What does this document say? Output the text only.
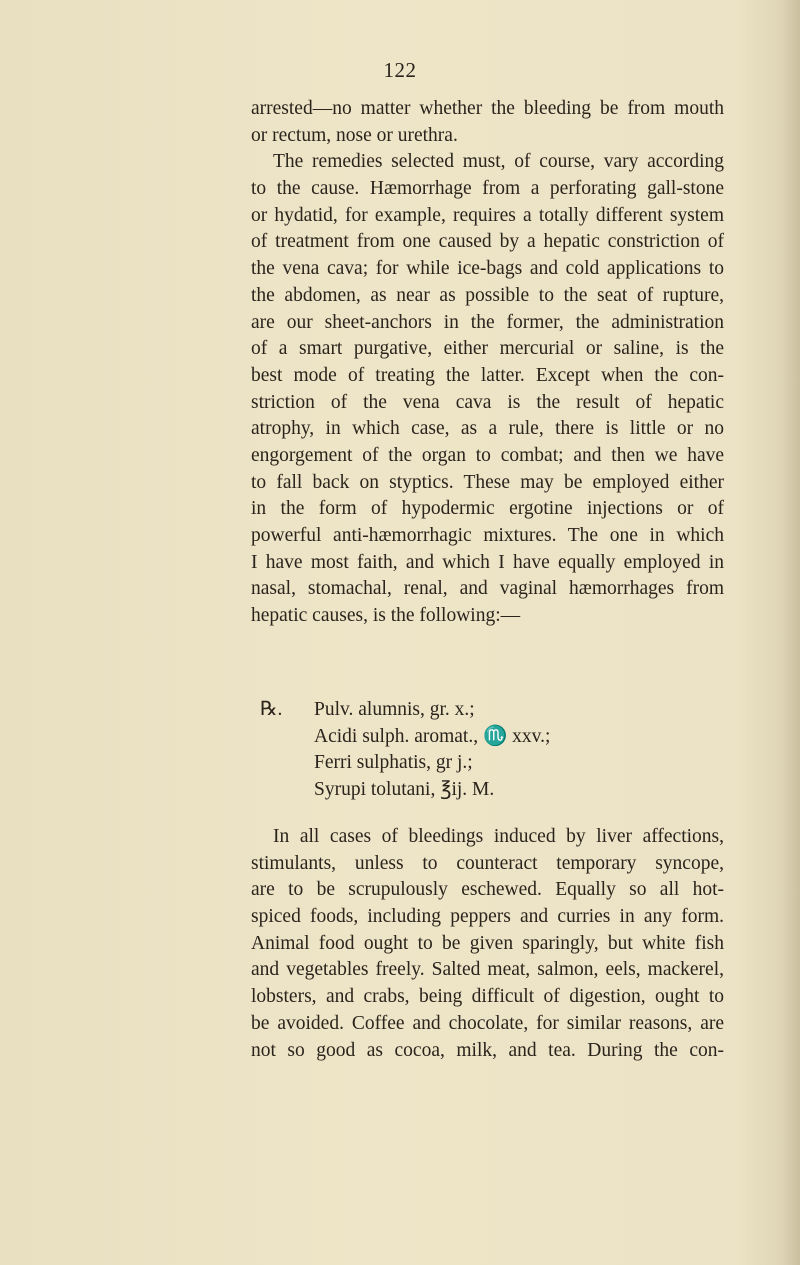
122
arrested—no matter whether the bleeding be from mouth
or rectum, nose or urethra.
The remedies selected must, of course, vary according
to the cause. Hæmorrhage from a perforating gall-stone
or hydatid, for example, requires a totally different system
of treatment from one caused by a hepatic constriction of
the vena cava; for while ice-bags and cold applications to
the abdomen, as near as possible to the seat of rupture,
are our sheet-anchors in the former, the administration
of a smart purgative, either mercurial or saline, is the
best mode of treating the latter. Except when the con-
striction of the vena cava is the result of hepatic
atrophy, in which case, as a rule, there is little or no
engorgement of the organ to combat; and then we have
to fall back on styptics. These may be employed either
in the form of hypodermic ergotine injections or of
powerful anti-hæmorrhagic mixtures. The one in which
I have most faith, and which I have equally employed in
nasal, stomachal, renal, and vaginal hæmorrhages from
hepatic causes, is the following:—
℞. Pulv. alumnis, gr. x.;
Acidi sulph. aromat., ♏ xxv.;
Ferri sulphatis, gr j.;
Syrupi tolutani, ℥ij. M.
In all cases of bleedings induced by liver affections,
stimulants, unless to counteract temporary syncope,
are to be scrupulously eschewed. Equally so all hot-
spiced foods, including peppers and curries in any form.
Animal food ought to be given sparingly, but white fish
and vegetables freely. Salted meat, salmon, eels, mackerel,
lobsters, and crabs, being difficult of digestion, ought to
be avoided. Coffee and chocolate, for similar reasons, are
not so good as cocoa, milk, and tea. During the con-
